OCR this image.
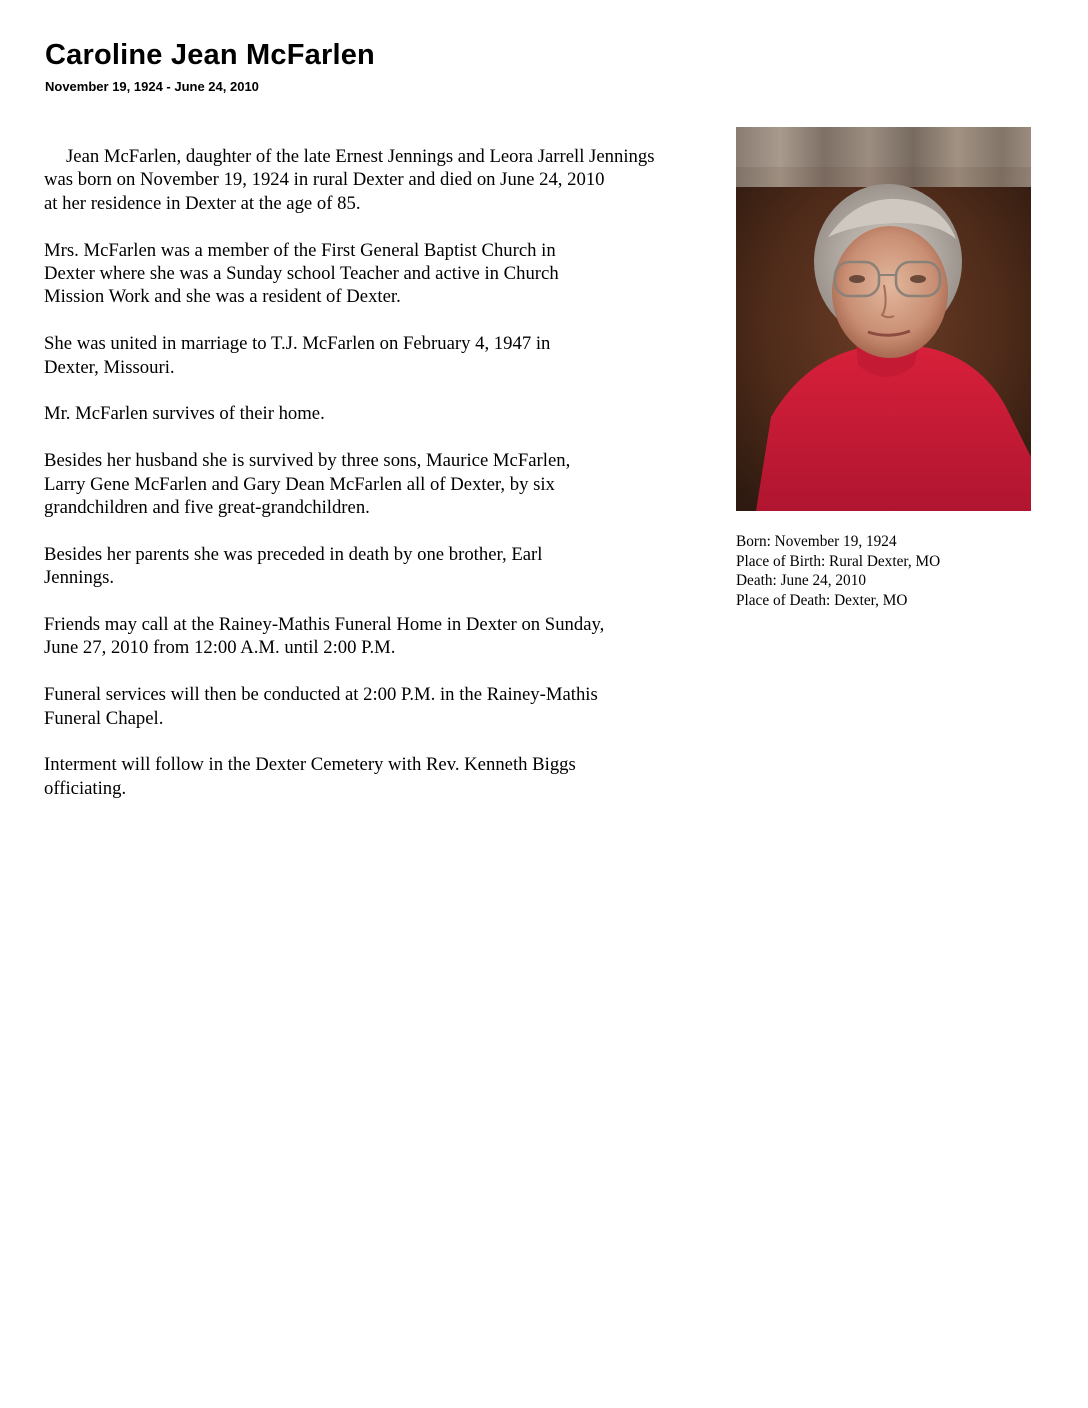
Caroline Jean McFarlen
November 19, 1924 - June 24, 2010

Jean McFarlen, daughter of the late Ernest Jennings and Leora Jarrell Jennings
was born on November 19, 1924 in rural Dexter and died on June 24, 2010
at her residence in Dexter at the age of 85.

Mrs. McFarlen was a member of the First General Baptist Church in
Dexter where she was a Sunday school Teacher and active in Church
Mission Work and she was a resident of Dexter.

She was united in marriage to T.J. McFarlen on February 4, 1947 in
Dexter, Missouri.

Mr. McFarlen survives of their home.

Besides her husband she is survived by three sons, Maurice McFarlen,
Larry Gene McFarlen and Gary Dean McFarlen all of Dexter, by six
grandchildren and five great-grandchildren.

Besides her parents she was preceded in death by one brother, Earl
Jennings.

Friends may call at the Rainey-Mathis Funeral Home in Dexter on Sunday,
June 27, 2010 from 12:00 A.M. until 2:00 P.M.

Funeral services will then be conducted at 2:00 P.M. in the Rainey-Mathis
Funeral Chapel.

Interment will follow in the Dexter Cemetery with Rev. Kenneth Biggs
officiating.

Born: November 19, 1924
Place of Birth: Rural Dexter, MO
Death: June 24, 2010
Place of Death: Dexter, MO
